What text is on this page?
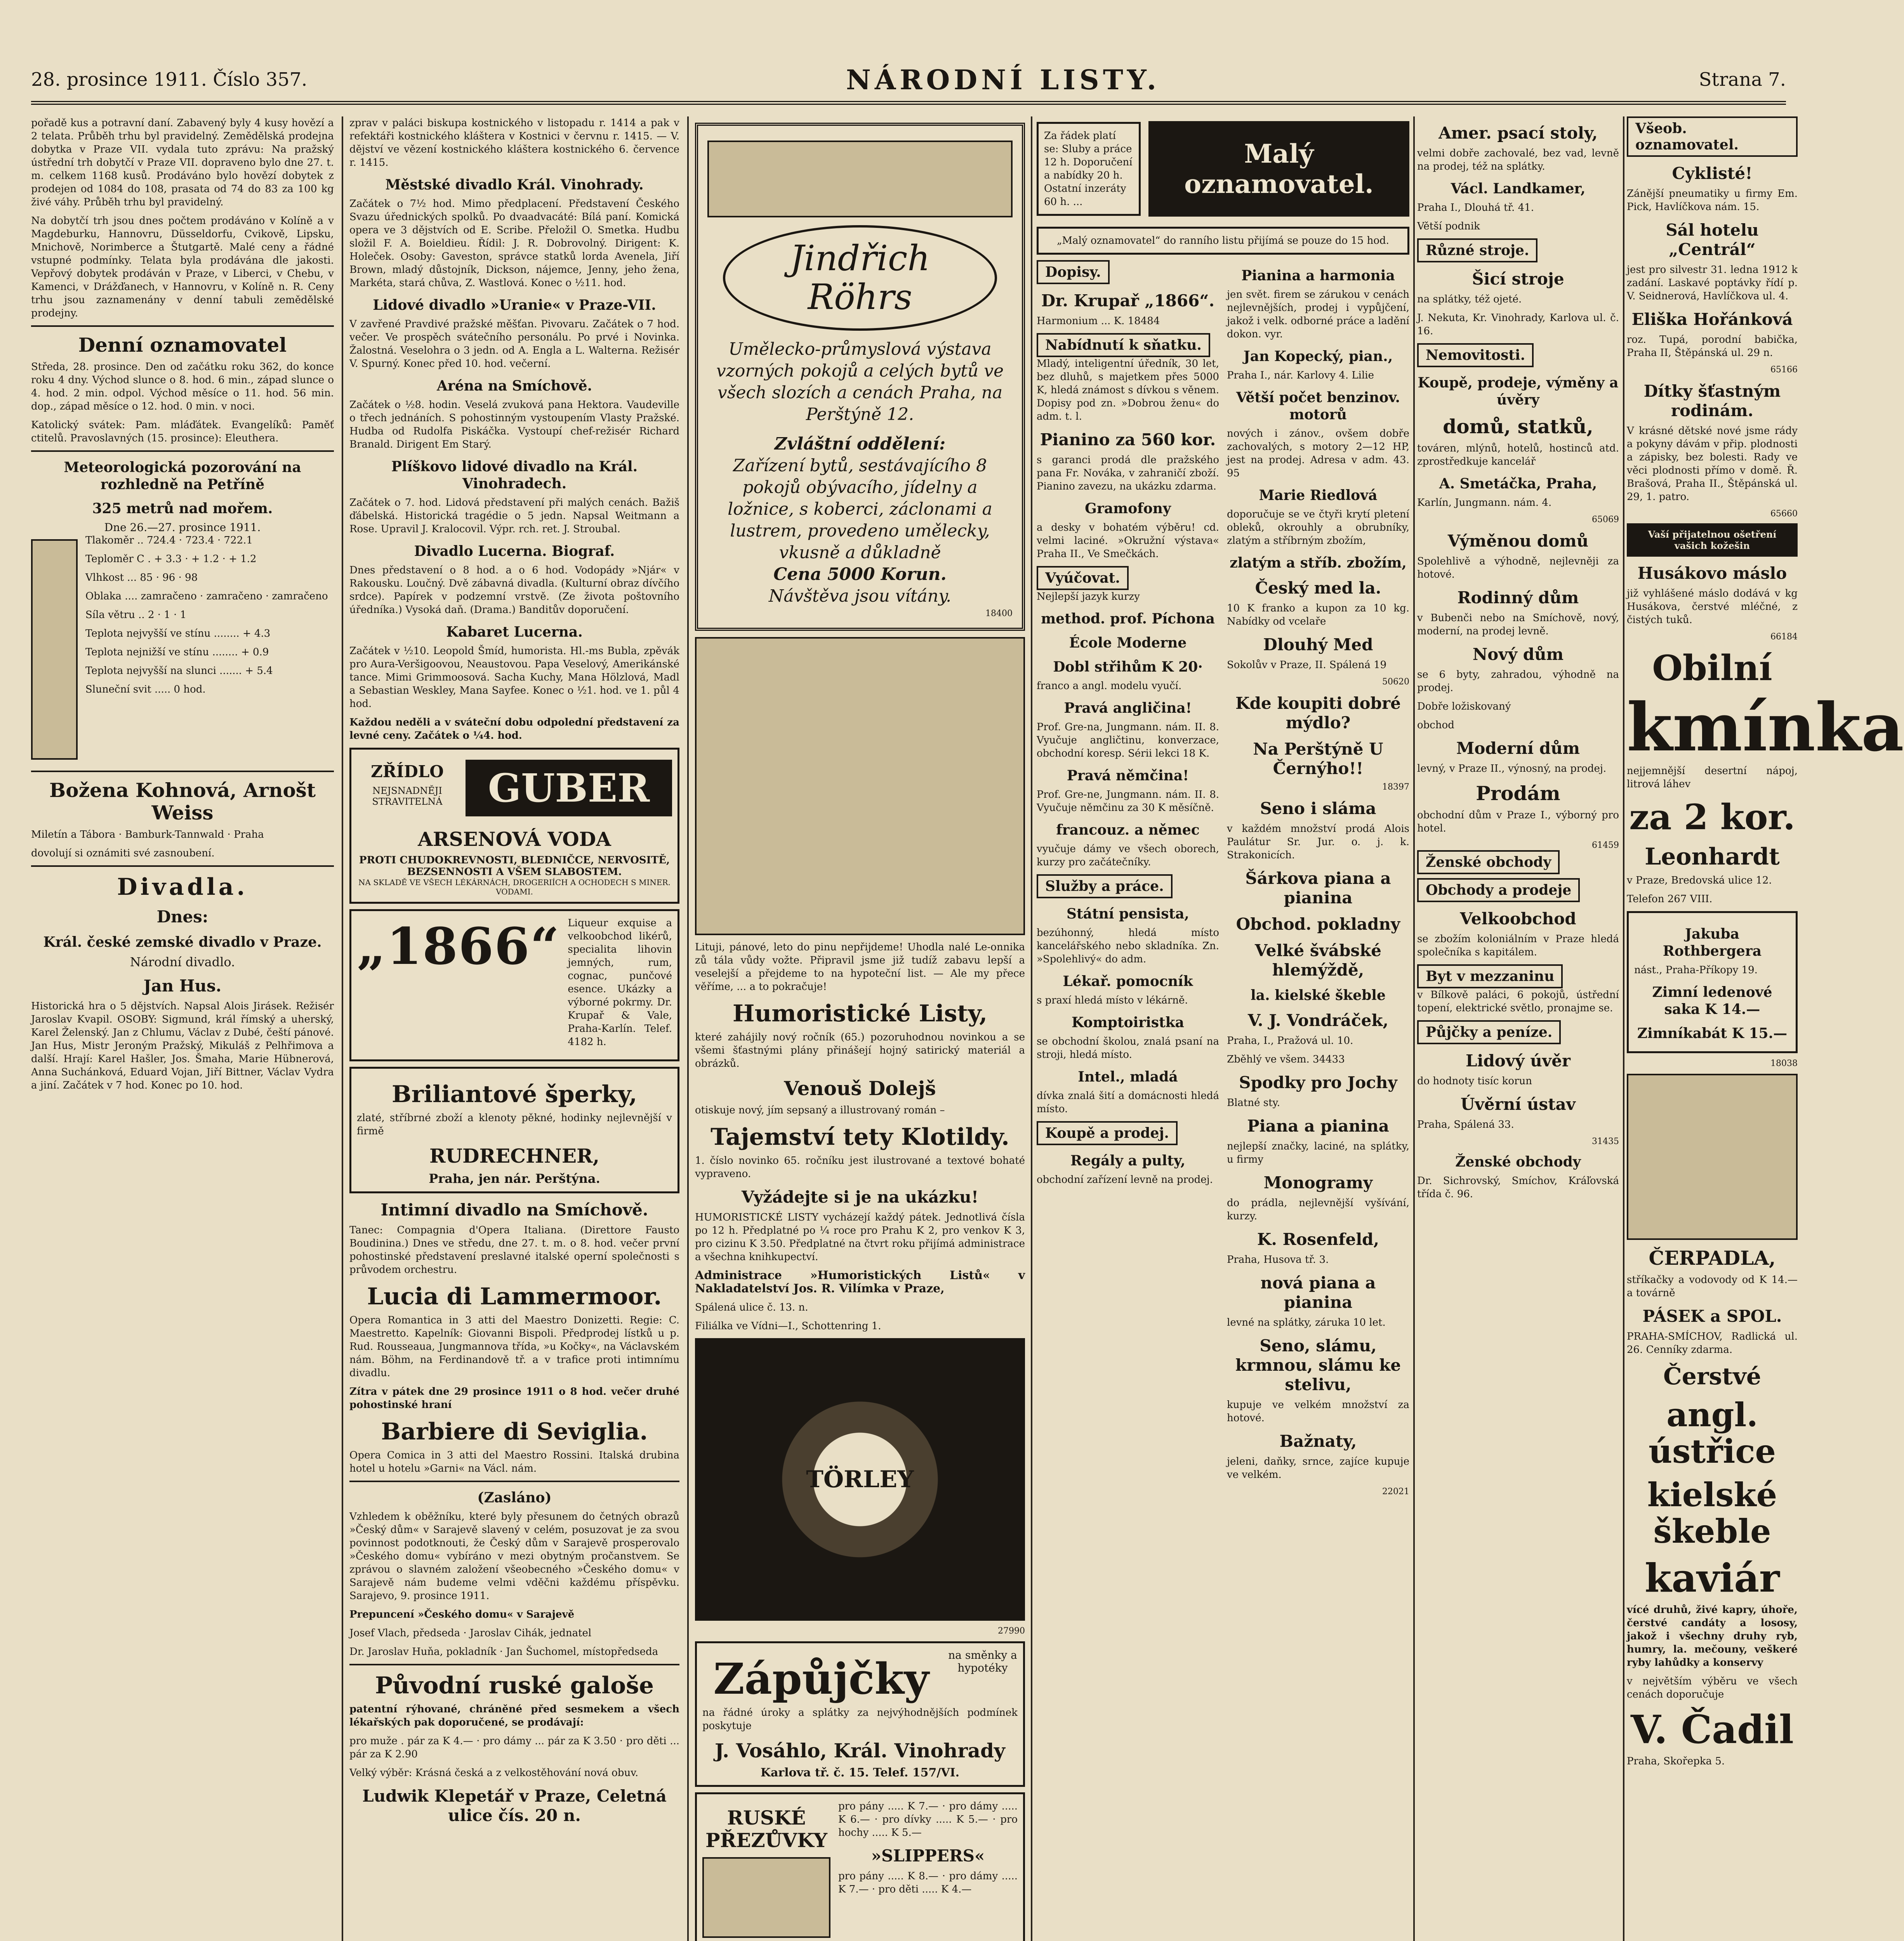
28. prosince 1911. Číslo 357.	NÁRODNÍ LISTY.	Strana 7.

pořadě kus a potravní daní. Zabavený byly 4 kusy hovězí a 2 telata. Průběh trhu byl pravidelný. Zemědělská prodejna dobytka v Praze VII. vydala tuto zprávu: Na pražský ústřední trh dobytčí v Praze VII. dopraveno bylo dne 27. t. m. celkem 1168 kusů. Prodáváno bylo hovězí dobytek z prodejen od 1084 do 108, prasata od 74 do 83 za 100 kg živé váhy. Průběh trhu byl pravidelný.

Na dobytčí trh jsou dnes počtem prodáváno v Kolíně a v Magdeburku, Hannovru, Düsseldorfu, Cvikově, Lipsku, Mnichově, Norimberce a Štutgartě. Malé ceny a řádné vstupné podmínky. Telata byla prodávána dle jakosti. Vepřový dobytek prodáván v Praze, v Liberci, v Chebu, v Kamenci, v Drážďanech, v Hannovru, v Kolíně n. R. Ceny trhu jsou zaznamenány v denní tabuli zemědělské prodejny.

Denní oznamovatel

Středa, 28. prosince. Den od začátku roku 362, do konce roku 4 dny. Východ slunce o 8. hod. 6 min., západ slunce o 4. hod. 2 min. odpol. Východ měsíce o 11. hod. 56 min. dop., západ měsíce o 12. hod. 0 min. v noci.

Katolický svátek: Pam. mláďátek. Evangelíků: Paměť ctitelů. Pravoslavných (15. prosince): Eleuthera.

Meteorologická pozorování na rozhledně na Petříně
325 metrů nad mořem.
Dne 26.—27. prosince 1911.

Tlakoměr .. 724.4 · 723.4 · 722.1

Teploměr C . + 3.3 · + 1.2 · + 1.2

Vlhkost ... 85 · 96 · 98

Oblaka .... zamračeno · zamračeno · zamračeno

Síla větru .. 2 · 1 · 1

Teplota nejvyšší ve stínu ........ + 4.3

Teplota nejnižší ve stínu ........ + 0.9

Teplota nejvyšší na slunci ....... + 5.4

Sluneční svit ..... 0 hod.

Božena Kohnová, Arnošt Weiss

Miletín a Tábora · Bamburk-Tannwald · Praha

dovolují si oznámiti své zasnoubení.

Divadla.
Dnes:
Král. české zemské divadlo v Praze.
Národní divadlo.
Jan Hus.

Historická hra o 5 dějstvích. Napsal Alois Jirásek. Režisér Jaroslav Kvapil. OSOBY: Sigmund, král římský a uherský, Karel Želenský. Jan z Chlumu, Václav z Dubé, čeští pánové. Jan Hus, Mistr Jeroným Pražský, Mikuláš z Pelhřimova a další. Hrají: Karel Hašler, Jos. Šmaha, Marie Hübnerová, Anna Suchánková, Eduard Vojan, Jiří Bittner, Václav Vydra a jiní. Začátek v 7 hod. Konec po 10. hod.

zprav v paláci biskupa kostnického v listopadu r. 1414 a pak v refektáři kostnického kláštera v Kostnici v červnu r. 1415. — V. dějství ve vězení kostnického kláštera kostnického 6. července r. 1415.

Městské divadlo Král. Vinohrady.

Začátek o 7½ hod. Mimo předplacení. Představení Českého Svazu úřednických spolků. Po dvaadvacáté: Bílá paní. Komická opera ve 3 dějstvích od E. Scribe. Přeložil O. Smetka. Hudbu složil F. A. Boieldieu. Řídil: J. R. Dobrovolný. Dirigent: K. Holeček. Osoby: Gaveston, správce statků lorda Avenela, Jiří Brown, mladý důstojník, Dickson, nájemce, Jenny, jeho žena, Markéta, stará chůva, Z. Wastlová. Konec o ½11. hod.

Lidové divadlo »Uranie« v Praze-VII.

V zavřené Pravdivé pražské měšťan. Pivovaru. Začátek o 7 hod. večer. Ve prospěch svátečního personálu. Po prvé i Novinka. Žalostná. Veselohra o 3 jedn. od A. Engla a L. Walterna. Režisér V. Spurný. Konec před 10. hod. večerní.

Aréna na Smíchově.

Začátek o ½8. hodin. Veselá zvuková pana Hektora. Vaudeville o třech jednáních. S pohostinným vystoupením Vlasty Pražské. Hudba od Rudolfa Piskáčka. Vystoupí chef-režisér Richard Branald. Dirigent Em Starý.

Plíškovo lidové divadlo na Král. Vinohradech.

Začátek o 7. hod. Lidová představení při malých cenách. Bažiš ďábelská. Historická tragédie o 5 jedn. Napsal Weitmann a Rose. Upravil J. Kralocovil. Výpr. rch. ret. J. Stroubal.

Divadlo Lucerna. Biograf.

Dnes představení o 8 hod. a o 6 hod. Vodopády »Njár« v Rakousku. Loučný. Dvě zábavná divadla. (Kulturní obraz dívčího srdce). Papírek v podzemní vrstvě. (Ze života poštovního úředníka.) Vysoká daň. (Drama.) Banditův doporučení.

Kabaret Lucerna.

Začátek v ½10. Leopold Šmíd, humorista. Hl.-ms Bubla, zpěvák pro Aura-Veršigoovou, Neaustovou. Papa Veselový, Amerikánské tance. Mimi Grimmoosová. Sacha Kuchy, Mana Hölzlová, Madl a Sebastian Weskley, Mana Sayfee. Konec o ½1. hod. ve 1. půl 4 hod.

Každou neděli a v sváteční dobu odpolední představení za levné ceny. Začátek o ¼4. hod.

ZŘÍDLO
NEJSNADNĚJI STRAVITELNÁ	GUBER
ARSENOVÁ VODA
PROTI CHUDOKREVNOSTI, BLEDNIČCE, NERVOSITĚ, BEZSENNOSTI A VŠEM SLABOSTEM.
NA SKLADĚ VE VŠECH LÉKÁRNÁCH, DROGERIÍCH A OCHODECH S MINER. VODAMI.
„1866“ Liqueur exquise a velkoobchod likérů, specialita lihovin jemných, rum, cognac, punčové esence. Ukázky a výborné pokrmy. Dr. Krupař & Vale, Praha-Karlín. Telef. 4182 h.

Briliantové šperky,

zlaté, stříbrné zboží a klenoty pěkné, hodinky nejlevnější v firmě

RUDRECHNER,
Praha, jen nár. Perštýna.
Intimní divadlo na Smíchově.

Tanec: Compagnia d'Opera Italiana. (Direttore Fausto Boudinina.) Dnes ve středu, dne 27. t. m. o 8. hod. večer první pohostinské představení preslavné italské operní společnosti s průvodem orchestru.

Lucia di Lammermoor.

Opera Romantica in 3 atti del Maestro Donizetti. Regie: C. Maestretto. Kapelník: Giovanni Bispoli. Předprodej lístků u p. Rud. Rousseaua, Jungmannova třída, »u Kočky«, na Václavském nám. Böhm, na Ferdinandově tř. a v trafice proti intimnímu divadlu.

Zítra v pátek dne 29 prosince 1911 o 8 hod. večer druhé pohostinské hraní

Barbiere di Seviglia.

Opera Comica in 3 atti del Maestro Rossini. Italská drubina hotel u hotelu »Garni« na Václ. nám.

(Zasláno)

Vzhledem k oběžníku, které byly přesunem do četných obrazů »Český dům« v Sarajevě slavený v celém, posuzovat je za svou povinnost podotknouti, že Český dům v Sarajevě prosperovalo »Českého domu« vybíráno v mezi obytným pročanstvem. Se zprávou o slavném založení všeobecného »Českého domu« v Sarajevě nám budeme velmi vděčni každému příspěvku. Sarajevo, 9. prosince 1911.

Prepuncení »Českého domu« v Sarajevě

Josef Vlach, předseda · Jaroslav Cihák, jednatel

Dr. Jaroslav Huňa, pokladník · Jan Šuchomel, místopředseda

Původní ruské galoše

patentní rýhované, chráněné před sesmekem a všech lékařských pak doporučené, se prodávají:

pro muže . pár za K 4.— · pro dámy ... pár za K 3.50 · pro děti ... pár za K 2.90

Velký výběr: Krásná česká a z velkostěhování nová obuv.

Ludwik Klepetář v Praze, Celetná ulice čís. 20 n.
Jindřich Röhrs
Umělecko-průmyslová výstava vzorných pokojů a celých bytů ve všech slozích a cenách Praha, na Perštýně 12.
Zvláštní oddělení:
Zařízení bytů, sestávajícího 8 pokojů obývacího, jídelny a ložnice, s koberci, záclonami a lustrem, provedeno umělecky, vkusně a důkladně
Cena 5000 Korun.
Návštěva jsou vítány.
18400

Lituji, pánové, leto do pinu nepřijdeme! Uhodla nalé Le-onnika zů tála vůdy vožte. Připravil jsme již tudíž zabavu lepší a veselejší a přejdeme to na hypoteční list. — Ale my přece věříme, ... a to pokračuje!

Humoristické Listy,

které zahájily nový ročník (65.) pozoruhodnou novinkou a se všemi šťastnými plány přinášejí hojný satirický materiál a obrázků.

Venouš Dolejš

otiskuje nový, jím sepsaný a illustrovaný román –

Tajemství tety Klotildy.

1. číslo novinko 65. ročníku jest ilustrované a textové bohaté vypraveno.

Vyžádejte si je na ukázku!

HUMORISTICKÉ LISTY vycházejí každý pátek. Jednotlivá čísla po 12 h. Předplatné po ¼ roce pro Prahu K 2, pro venkov K 3, pro cizinu K 3.50. Předplatné na čtvrt roku přijímá administrace a všechna knihkupectví.

Administrace »Humoristických Listů« v Nakladatelství Jos. R. Vilímka v Praze,

Spálená ulice č. 13. n.

Filiálka ve Vídni—I., Schottenring 1.

TÖRLEY
27990
Zápůjčky	na směnky a hypotéky

na řádné úroky a splátky za nejvýhodnějších podmínek poskytuje

J. Vosáhlo, Král. Vinohrady
Karlova tř. č. 15. Telef. 157/VI.
RUSKÉ PŘEZŮVKY

pro pány ..... K 7.— · pro dámy ..... K 6.— · pro dívky ..... K 5.— · pro hochy ..... K 5.—

»SLIPPERS«

pro pány ..... K 8.— · pro dámy ..... K 7.— · pro děti ..... K 4.—

Za řádek platí se: Sluby a práce 12 h. Doporučení a nabídky 20 h. Ostatní inzeráty 60 h. ...
Malý oznamovatel.
„Malý oznamovatel“ do ranního listu přijímá se pouze do 15 hod.
Dopisy.
Dr. Krupař „1866“.

Harmonium ... K. 18484

Nabídnutí k sňatku.

Mladý, inteligentní úředník, 30 let, bez dluhů, s majetkem přes 5000 K, hledá známost s dívkou s věnem. Dopisy pod zn. »Dobrou ženu« do adm. t. l.

Pianino za 560 kor.

s garanci prodá dle pražského pana Fr. Nováka, v zahraničí zboží. Pianino zavezu, na ukázku zdarma.

Gramofony

a desky v bohatém výběru! cd. velmi laciné. »Okružní výstava« Praha II., Ve Smečkách.

Vyúčovat.

Nejlepší jazyk kurzy

method. prof. Píchona
École Moderne
Dobl střihům K 20·

franco a angl. modelu vyučí.

Pravá angličina!

Prof. Gre-na, Jungmann. nám. II. 8. Vyučuje angličtinu, konverzace, obchodní koresp. Sérii lekci 18 K.

Pravá němčina!

Prof. Gre-ne, Jungmann. nám. II. 8. Vyučuje němčinu za 30 K měsíčně.

francouz. a němec

vyučuje dámy ve všech oborech, kurzy pro začátečníky.

Služby a práce.
Státní pensista,

bezúhonný, hledá místo kancelářského nebo skladníka. Zn. »Spolehlivý« do adm.

Lékař. pomocník

s praxí hledá místo v lékárně.

Komptoiristka

se obchodní školou, znalá psaní na stroji, hledá místo.

Intel., mladá

dívka znalá šití a domácnosti hledá místo.

Koupě a prodej.
Regály a pulty,

obchodní zařízení levně na prodej.

Pianina a harmonia

jen svět. firem se zárukou v cenách nejlevnějších, prodej i vypůjčení, jakož i velk. odborné práce a ladění dokon. vyr.

Jan Kopecký, pian.,

Praha I., nár. Karlovy 4. Lilie

Větší počet benzinov. motorů

nových i zánov., ovšem dobře zachovalých, s motory 2—12 HP, jest na prodej. Adresa v adm. 43. 95

Marie Riedlová

doporučuje se ve čtyři krytí pletení obleků, okrouhly a obrubníky, zlatým a stříbrným zbožím,

zlatým a stříb. zbožím,
Český med la.

10 K franko a kupon za 10 kg. Nabídky od vcelaře

Dlouhý Med

Sokolův v Praze, II. Spálená 19

50620
Kde koupiti dobré mýdlo?
Na Perštýně U Černýho!!
18397
Seno i sláma

v každém množství prodá Alois Paulátur Sr. Jur. o. j. k. Strakonicích.

Šárkova piana a pianina
Obchod. pokladny
Velké švábské hlemýždě,
la. kielské škeble
V. J. Vondráček,

Praha, I., Pražová ul. 10.

Zběhlý ve všem. 34433

Spodky pro Jochy

Blatné sty.

Piana a pianina

nejlepší značky, laciné, na splátky, u firmy

Monogramy

do prádla, nejlevnější vyšívání, kurzy.

K. Rosenfeld,

Praha, Husova tř. 3.

nová piana a pianina

levné na splátky, záruka 10 let.

Seno, slámu, krmnou, slámu ke stelivu,

kupuje ve velkém množství za hotové.

Bažnaty,

jeleni, daňky, srnce, zajíce kupuje ve velkém.

22021
Amer. psací stoly,

velmi dobře zachovalé, bez vad, levně na prodej, též na splátky.

Václ. Landkamer,

Praha I., Dlouhá tř. 41.

Větší podnik

Různé stroje.
Šicí stroje

na splátky, též ojeté.

J. Nekuta, Kr. Vinohrady, Karlova ul. č. 16.

Nemovitosti.
Koupě, prodeje, výměny a úvěry
domů, statků,

továren, mlýnů, hotelů, hostinců atd. zprostředkuje kancelář

A. Smetáčka, Praha,

Karlín, Jungmann. nám. 4.

65069
Výměnou domů

Spolehlivě a výhodně, nejlevněji za hotové.

Rodinný dům

v Bubenči nebo na Smíchově, nový, moderní, na prodej levně.

Nový dům

se 6 byty, zahradou, výhodně na prodej.

Dobře ložiskovaný

obchod

Moderní dům

levný, v Praze II., výnosný, na prodej.

Prodám

obchodní dům v Praze I., výborný pro hotel.

61459
Ženské obchody Obchody a prodeje
Velkoobchod

se zbožím koloniálním v Praze hledá společníka s kapitálem.

Byt v mezzaninu

v Bílkově paláci, 6 pokojů, ústřední topení, elektrické světlo, pronajme se.

Půjčky a peníze.
Lidový úvěr

do hodnoty tisíc korun

Úvěrní ústav

Praha, Spálená 33.

31435
Ženské obchody

Dr. Sichrovský, Smíchov, Kráľovská třída č. 96.

Všeob. oznamovatel.
Cyklisté!

Zánější pneumatiky u firmy Em. Pick, Havlíčkova nám. 15.

Sál hotelu „Centrál“

jest pro silvestr 31. ledna 1912 k zadání. Laskavé poptávky řídí p. V. Seidnerová, Havlíčkova ul. 4.

Eliška Hořánková

roz. Tupá, porodní babička, Praha II, Štěpánská ul. 29 n.

65166
Dítky šťastným rodinám.

V krásné dětské nové jsme rády a pokyny dávám v přip. plodnosti a zápisky, bez bolesti. Rady ve věci plodnosti přímo v domě. Ř. Brašová, Praha II., Štěpánská ul. 29, 1. patro.

65660
Vaší přijatelnou ošetření vašich kožešin
Husákovo máslo

již vyhlášené máslo dodává v kg Husákova, čerstvé mléčné, z čistých tuků.

66184
Obilní
kmínka

nejjemnější desertní nápoj, litrová láhev

za 2 kor.
Leonhardt

v Praze, Bredovská ulice 12.

Telefon 267 VIII.

Jakuba Rothbergera

nást., Praha-Příkopy 19.

Zimní ledenové saka K 14.—
Zimníkabát K 15.—
18038
ČERPADLA,

stříkačky a vodovody od K 14.— a továrně

PÁSEK a SPOL.

PRAHA-SMÍCHOV, Radlická ul. 26. Cenníky zdarma.

Čerstvé
angl. ústřice
kielské škeble
kaviár

vícé druhů, živé kapry, úhoře, čerstvé candáty a lososy, jakož i všechny druhy ryb, humry, la. mečouny, veškeré ryby lahůdky a konservy

v největším výběru ve všech cenách doporučuje

V. Čadil

Praha, Skořepka 5.
